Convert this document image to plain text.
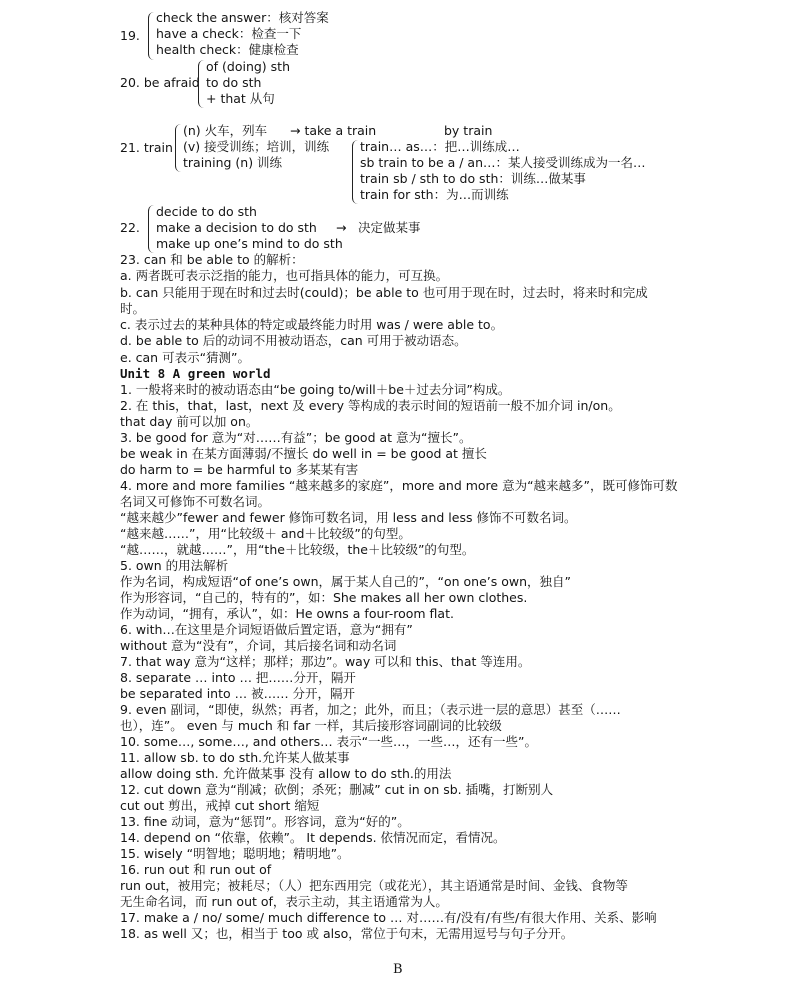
19.
check the answer：核对答案
have a check：检查一下
health check：健康检查
20. be afraid
of (doing) sth
to do sth
+ that 从句
21. train
(n) 火车，列车 → take a train	by train
(v) 接受训练；培训，训练
training (n) 训练
train… as…：把…训练成…
sb train to be a / an…：某人接受训练成为一名…
train sb / sth to do sth：训练…做某事
train for sth：为…而训练
22.
decide to do sth
make a decision to do sth
make up one’s mind to do sth
→ 决定做某事
23. can 和 be able to 的解析：
a. 两者既可表示泛指的能力，也可指具体的能力，可互换。
b. can 只能用于现在时和过去时(could)；be able to 也可用于现在时，过去时，将来时和完成
时。
c. 表示过去的某种具体的特定或最终能力时用 was / were able to。
d. be able to 后的动词不用被动语态，can 可用于被动语态。
e. can 可表示“猜测”。
Unit 8 A green world
1. 一般将来时的被动语态由“be going to/will＋be＋过去分词”构成。
2. 在 this，that，last，next 及 every 等构成的表示时间的短语前一般不加介词 in/on。
that day 前可以加 on。
3. be good for 意为“对……有益”；be good at 意为“擅长”。
be weak in 在某方面薄弱/不擅长 do well in = be good at 擅长
do harm to = be harmful to 多某某有害
4. more and more families “越来越多的家庭”，more and more 意为“越来越多”，既可修饰可数
名词又可修饰不可数名词。
“越来越少”fewer and fewer 修饰可数名词，用 less and less 修饰不可数名词。
“越来越……”，用“比较级＋ and＋比较级”的句型。
“越……，就越……”，用“the＋比较级，the＋比较级”的句型。
5. own 的用法解析
作为名词，构成短语“of one’s own，属于某人自己的”，“on one’s own，独自”
作为形容词，“自己的，特有的”，如：She makes all her own clothes.
作为动词，“拥有，承认”，如：He owns a four-room flat.
6. with…在这里是介词短语做后置定语，意为“拥有”
without 意为“没有”，介词，其后接名词和动名词
7. that way 意为“这样；那样；那边”。way 可以和 this、that 等连用。
8. separate … into … 把……分开，隔开
be separated into … 被…… 分开，隔开
9. even 副词，“即使，纵然；再者，加之；此外，而且；（表示进一层的意思）甚至（……
也），连”。 even 与 much 和 far 一样，其后接形容词副词的比较级
10. some…, some…, and others… 表示“一些…，一些…，还有一些”。
11. allow sb. to do sth.允许某人做某事
allow doing sth. 允许做某事 没有 allow to do sth.的用法
12. cut down 意为“削减；砍倒；杀死；删减” cut in on sb. 插嘴，打断别人
cut out 剪出，戒掉 cut short 缩短
13. fine 动词，意为“惩罚”。形容词，意为“好的”。
14. depend on “依靠，依赖”。 It depends. 依情况而定，看情况。
15. wisely “明智地；聪明地；精明地”。
16. run out 和 run out of
run out，被用完；被耗尽；（人）把东西用完（或花光），其主语通常是时间、金钱、食物等
无生命名词，而 run out of，表示主动，其主语通常为人。
17. make a / no/ some/ much difference to … 对……有/没有/有些/有很大作用、关系、影响
18. as well 又；也，相当于 too 或 also，常位于句末，无需用逗号与句子分开。
B
